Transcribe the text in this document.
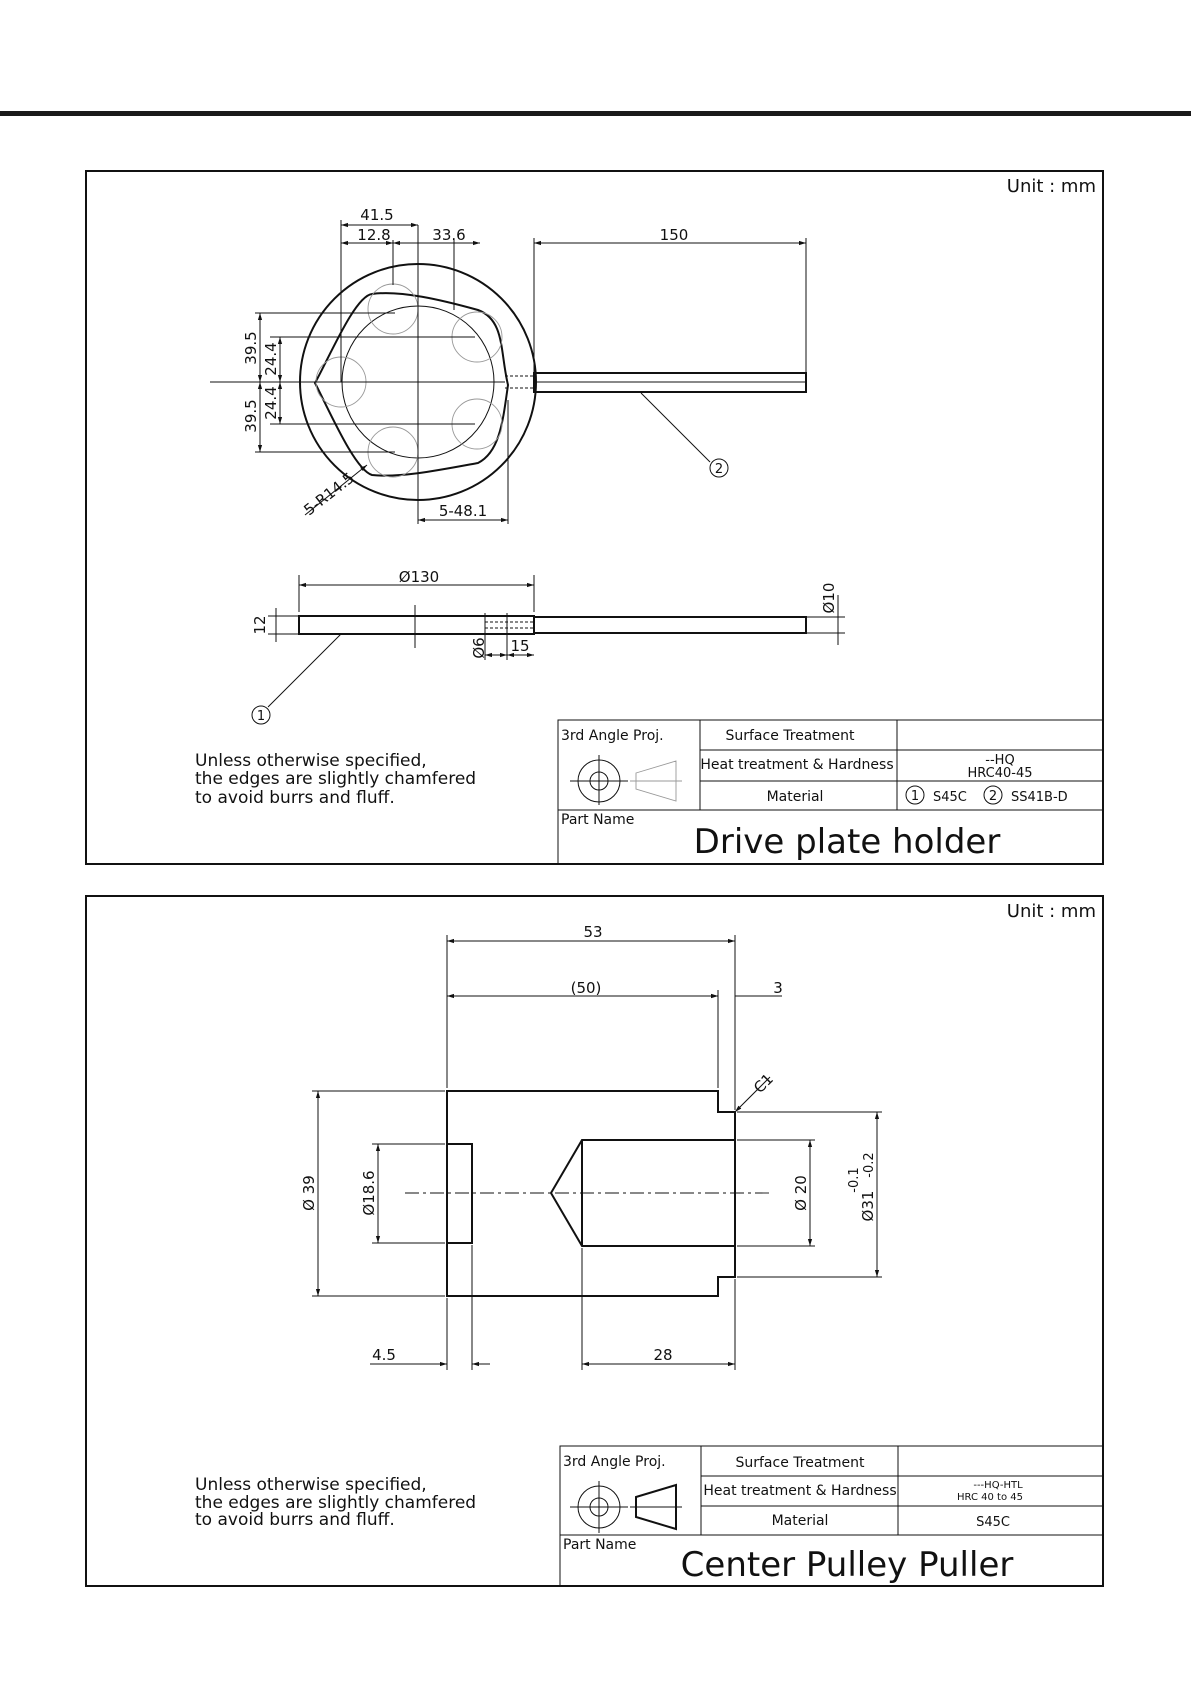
Unit : mm
41.5
12.8	33.6	150
39.5 24.4
39.5 24.4
5-R14.5	5-48.1
2
Ø130
12
Ø10
Ø6 15
1
Unless otherwise specified,
the edges are slightly chamfered
to avoid burrs and fluff.
3rd Angle Proj.	Surface Treatment
Heat treatment & Hardness	--HQ
HRC40-45
Material	1 S45C 2 SS41B-D
Part Name
Drive plate holder
Unit : mm
53
(50)	3
C1
Ø 39	Ø18.6	Ø 20	Ø31
-0.1
-0.2
4.5	28
Unless otherwise specified,
the edges are slightly chamfered
to avoid burrs and fluff.
3rd Angle Proj.	Surface Treatment
Heat treatment & Hardness	---HQ-HTL
HRC 40 to 45
Material	S45C
Part Name Center Pulley Puller
